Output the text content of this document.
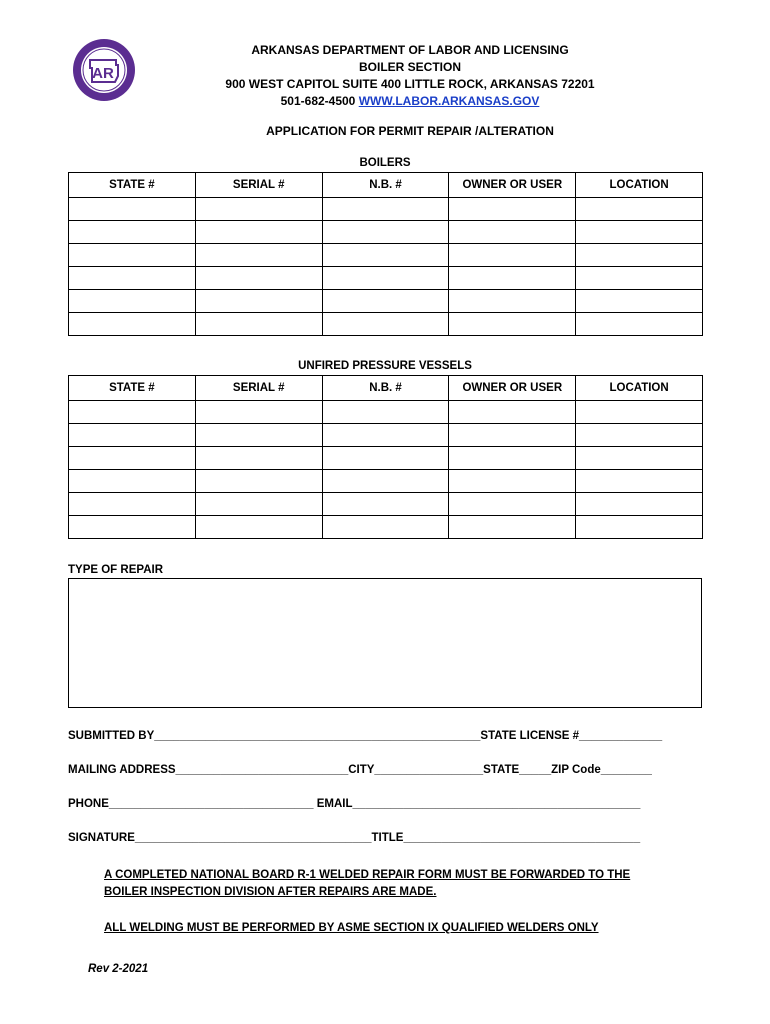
AR
ARKANSAS DEPARTMENT OF LABOR AND LICENSING
BOILER SECTION
900 WEST CAPITOL SUITE 400 LITTLE ROCK, ARKANSAS 72201
501-682-4500 WWW.LABOR.ARKANSAS.GOV
APPLICATION FOR PERMIT REPAIR /ALTERATION
BOILERS
STATE #	SERIAL #	N.B. #	OWNER OR USER	LOCATION

UNFIRED PRESSURE VESSELS
STATE #	SERIAL #	N.B. #	OWNER OR USER	LOCATION

TYPE OF REPAIR
SUBMITTED BY___________________________________________________STATE LICENSE #_____________
MAILING ADDRESS___________________________CITY_________________STATE_____ZIP Code________
PHONE________________________________ EMAIL_____________________________________________
SIGNATURE_____________________________________TITLE_____________________________________
A COMPLETED NATIONAL BOARD R-1 WELDED REPAIR FORM MUST BE FORWARDED TO THE
BOILER INSPECTION DIVISION AFTER REPAIRS ARE MADE.
ALL WELDING MUST BE PERFORMED BY ASME SECTION IX QUALIFIED WELDERS ONLY
Rev 2-2021
